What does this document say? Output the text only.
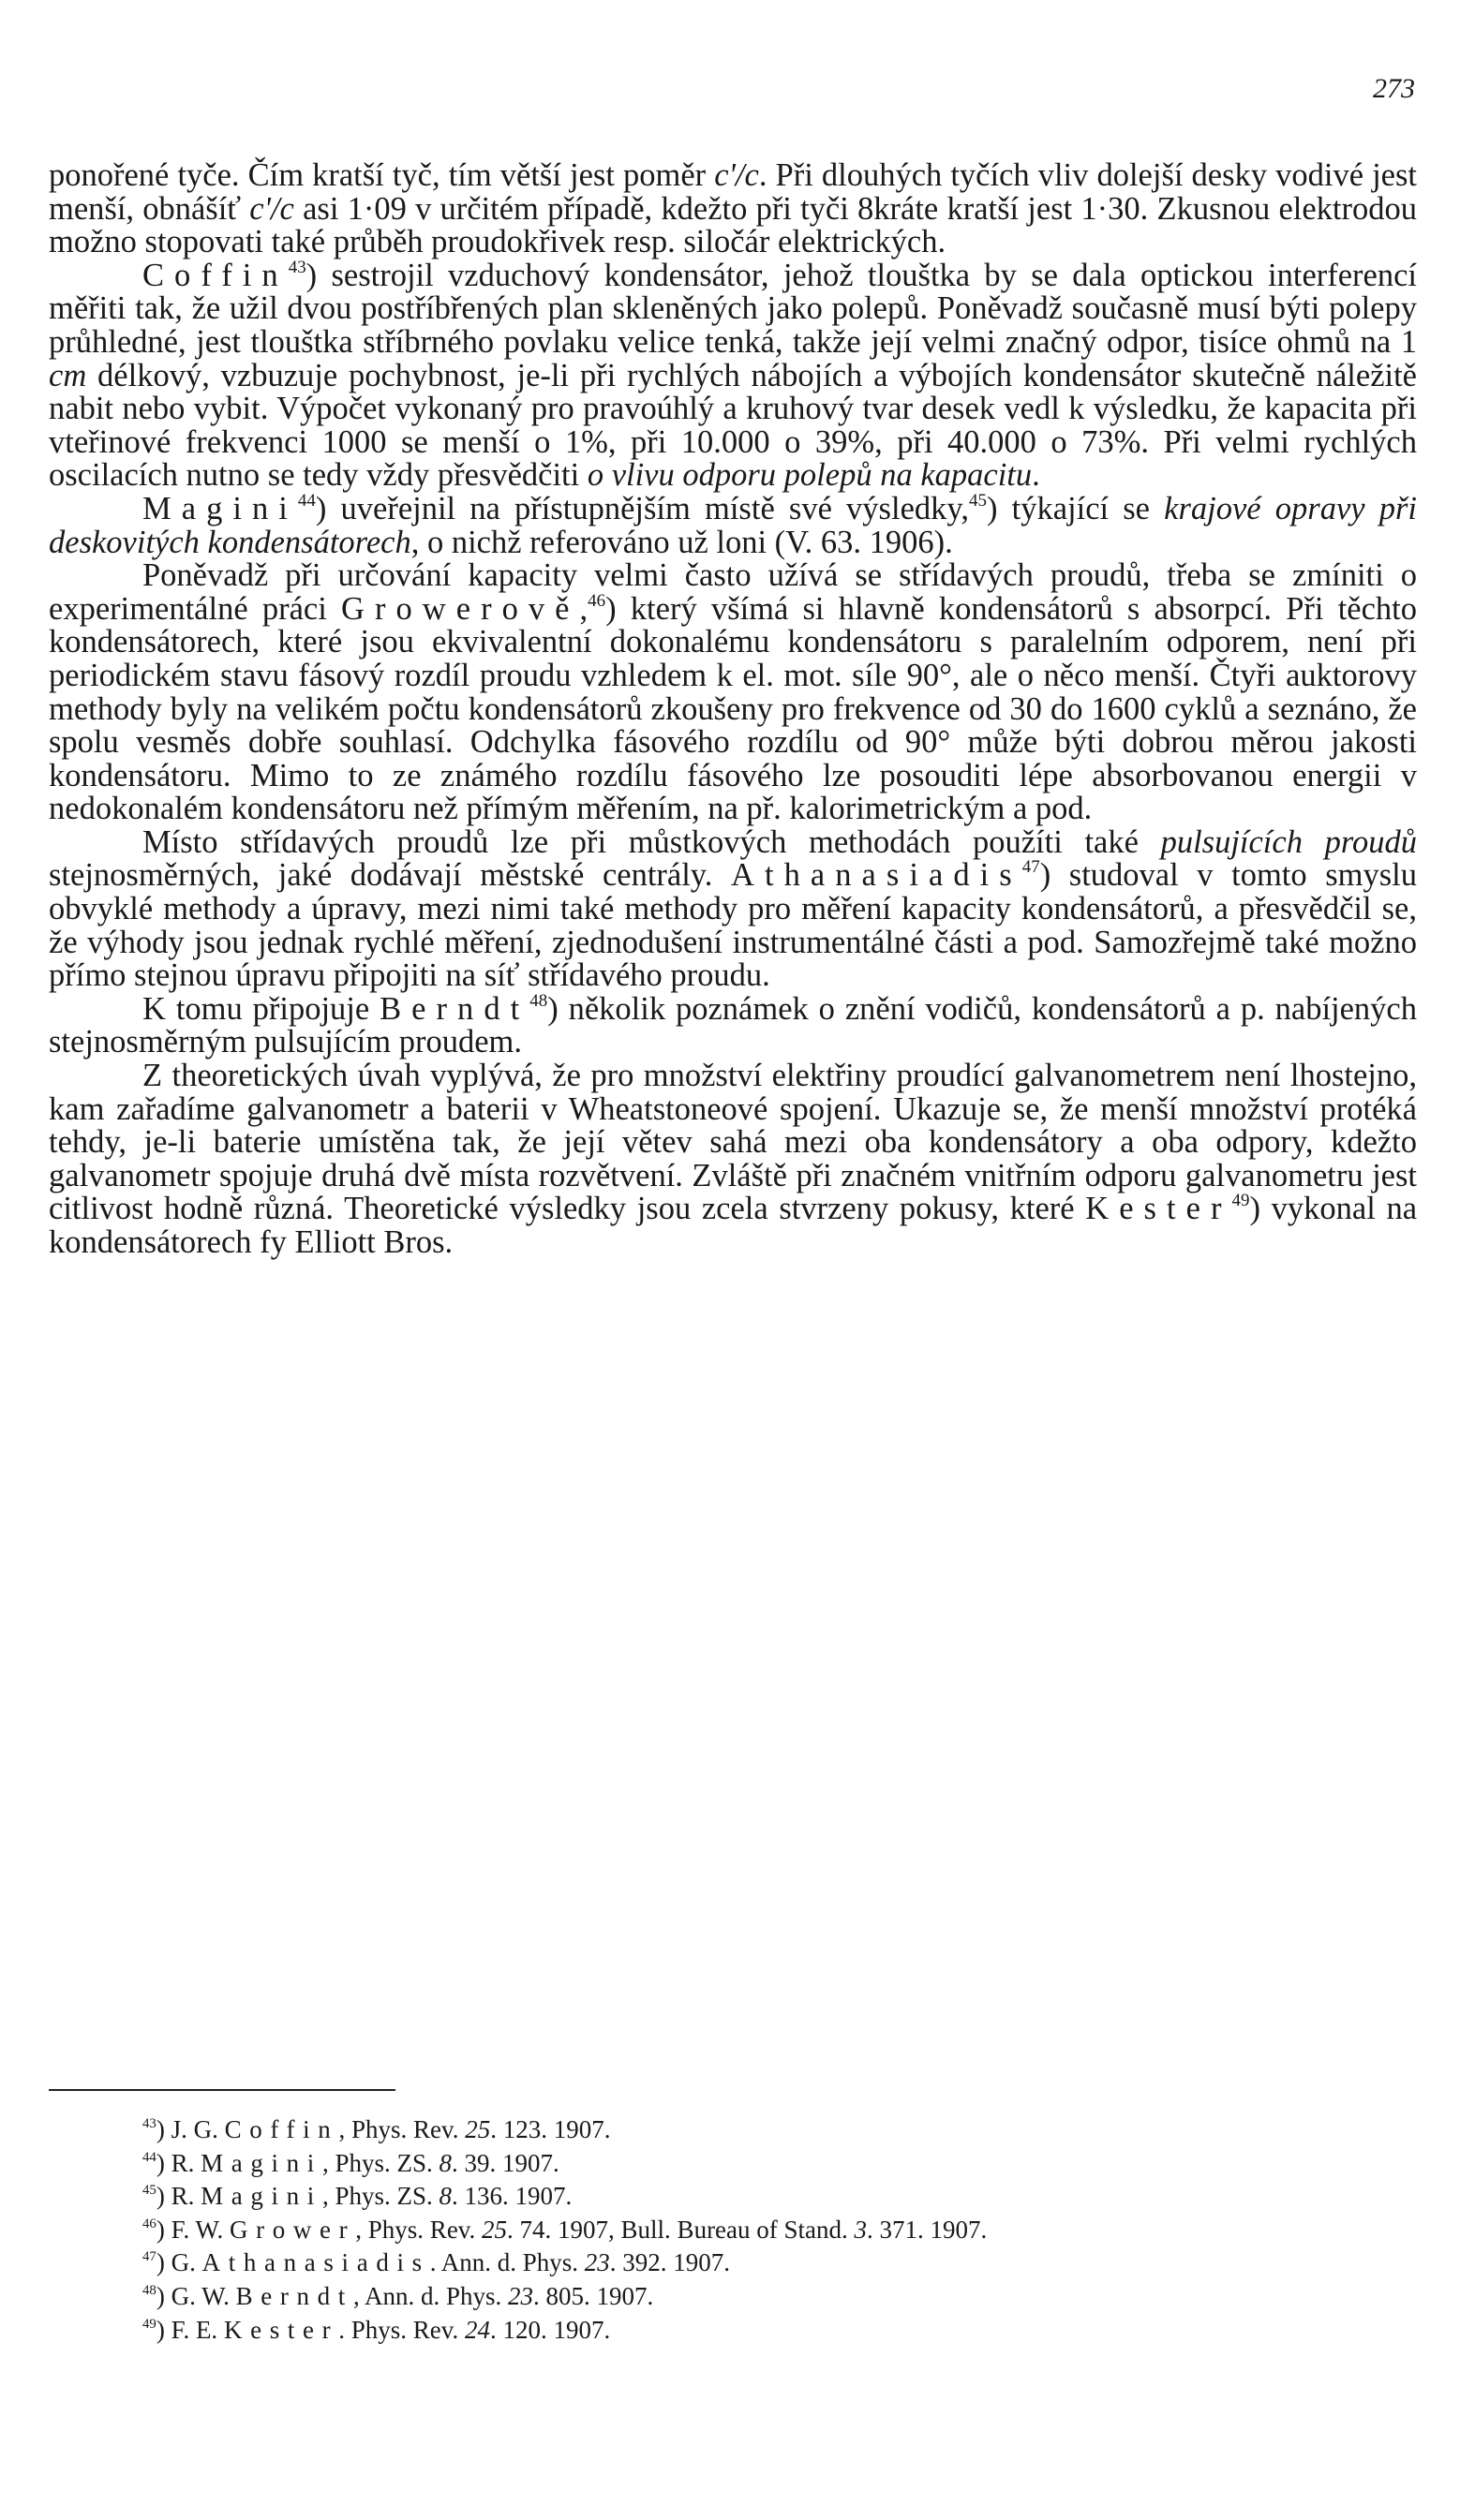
273

ponořené tyče. Čím kratší tyč, tím větší jest poměr c'/c. Při dlouhých tyčích vliv dolejší desky vodivé jest menší, obnášíť c'/c asi 1·09 v určitém případě, kdežto při tyči 8kráte kratší jest 1·30. Zkusnou elektrodou možno stopovati také průběh proudokřivek resp. siločár elektrických.

Coffin$^{43}$) sestrojil vzduchový kondensátor, jehož tlouštka by se dala optickou interferencí měřiti tak, že užil dvou postříbřených plan skleněných jako polepů. Poněvadž současně musí býti polepy průhledné, jest tlouštka stříbrného povlaku velice tenká, takže její velmi značný odpor, tisíce ohmů na 1 cm délkový, vzbuzuje pochybnost, je-li při rychlých nábojích a výbojích kondensátor skutečně náležitě nabit nebo vybit. Výpočet vykonaný pro pravoúhlý a kruhový tvar desek vedl k výsledku, že kapacita při vteřinové frekvenci 1000 se menší o 1%, při 10.000 o 39%, při 40.000 o 73%. Při velmi rychlých oscilacích nutno se tedy vždy přesvědčiti o vlivu odporu polepů na kapacitu.

Magini$^{44}$) uveřejnil na přístupnějším místě své výsledky,$^{45}$) týkající se krajové opravy při deskovitých kondensátorech, o nichž referováno už loni (V. 63. 1906).

Poněvadž při určování kapacity velmi často užívá se střídavých proudů, třeba se zmíniti o experimentálné práci Growerově,$^{46}$) který všímá si hlavně kondensátorů s absorpcí. Při těchto kondensátorech, které jsou ekvivalentní dokonalému kondensátoru s paralelním odporem, není při periodickém stavu fásový rozdíl proudu vzhledem k el. mot. síle 90°, ale o něco menší. Čtyři auktorovy methody byly na velikém počtu kondensátorů zkoušeny pro frekvence od 30 do 1600 cyklů a seznáno, že spolu vesměs dobře souhlasí. Odchylka fásového rozdílu od 90° může býti dobrou měrou jakosti kondensátoru. Mimo to ze známého rozdílu fásového lze posouditi lépe absorbovanou energii v nedokonalém kondensátoru než přímým měřením, na př. kalorimetrickým a pod.

Místo střídavých proudů lze při můstkových methodách použíti také pulsujících proudů stejnosměrných, jaké dodávají městské centrály. Athanasiadis$^{47}$) studoval v tomto smyslu obvyklé methody a úpravy, mezi nimi také methody pro měření kapacity kondensátorů, a přesvědčil se, že výhody jsou jednak rychlé měření, zjednodušení instrumentálné části a pod. Samozřejmě také možno přímo stejnou úpravu připojiti na síť střídavého proudu.

K tomu připojuje Berndt$^{48}$) několik poznámek o znění vodičů, kondensátorů a p. nabíjených stejnosměrným pulsujícím proudem.

Z theoretických úvah vyplývá, že pro množství elektřiny proudící galvanometrem není lhostejno, kam zařadíme galvanometr a baterii v Wheatstoneové spojení. Ukazuje se, že menší množství protéká tehdy, je-li baterie umístěna tak, že její větev sahá mezi oba kondensátory a oba odpory, kdežto galvanometr spojuje druhá dvě místa rozvětvení. Zvláště při značném vnitřním odporu galvanometru jest citlivost hodně různá. Theoretické výsledky jsou zcela stvrzeny pokusy, které Kester$^{49}$) vykonal na kondensátorech fy Elliott Bros.

$^{43}$) J. G. Coffin, Phys. Rev. 25. 123. 1907.

$^{44}$) R. Magini, Phys. ZS. 8. 39. 1907.

$^{45}$) R. Magini, Phys. ZS. 8. 136. 1907.

$^{46}$) F. W. Grower, Phys. Rev. 25. 74. 1907, Bull. Bureau of Stand. 3. 371. 1907.

$^{47}$) G. Athanasiadis. Ann. d. Phys. 23. 392. 1907.

$^{48}$) G. W. Berndt, Ann. d. Phys. 23. 805. 1907.

$^{49}$) F. E. Kester. Phys. Rev. 24. 120. 1907.
